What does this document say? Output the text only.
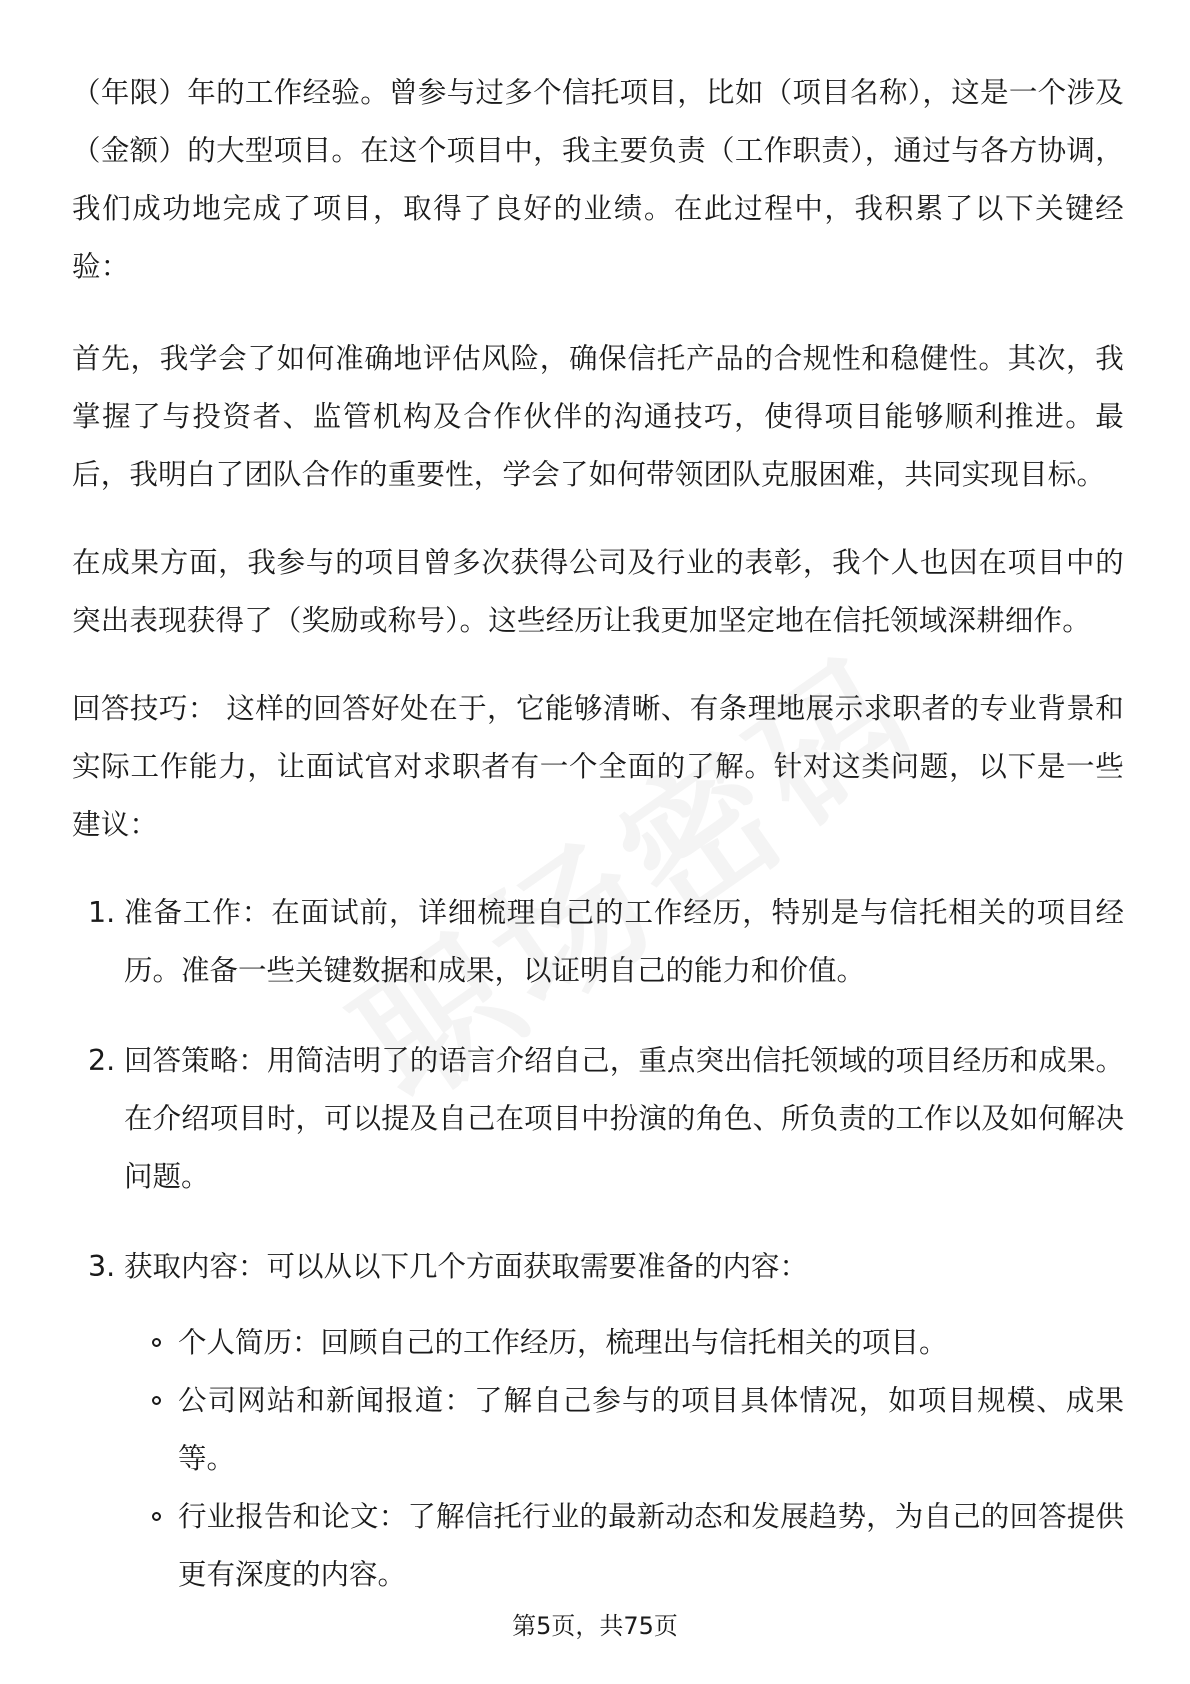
（年限）年的工作经验。曾参与过多个信托项目，比如（项目名称），这是一个涉及（金额）的大型项目。在这个项目中，我主要负责（工作职责），通过与各方协调，我们成功地完成了项目，取得了良好的业绩。在此过程中，我积累了以下关键经验：

首先，我学会了如何准确地评估风险，确保信托产品的合规性和稳健性。其次，我掌握了与投资者、监管机构及合作伙伴的沟通技巧，使得项目能够顺利推进。最后，我明白了团队合作的重要性，学会了如何带领团队克服困难，共同实现目标。

在成果方面，我参与的项目曾多次获得公司及行业的表彰，我个人也因在项目中的突出表现获得了（奖励或称号）。这些经历让我更加坚定地在信托领域深耕细作。

回答技巧： 这样的回答好处在于，它能够清晰、有条理地展示求职者的专业背景和实际工作能力，让面试官对求职者有一个全面的了解。针对这类问题，以下是一些建议：

1. 准备工作：在面试前，详细梳理自己的工作经历，特别是与信托相关的项目经历。准备一些关键数据和成果，以证明自己的能力和价值。
2. 回答策略：用简洁明了的语言介绍自己，重点突出信托领域的项目经历和成果。在介绍项目时，可以提及自己在项目中扮演的角色、所负责的工作以及如何解决问题。
3. 获取内容：可以从以下几个方面获取需要准备的内容：
个人简历：回顾自己的工作经历，梳理出与信托相关的项目。
公司网站和新闻报道：了解自己参与的项目具体情况，如项目规模、成果等。
行业报告和论文：了解信托行业的最新动态和发展趋势，为自己的回答提供更有深度的内容。
第5页，共75页
